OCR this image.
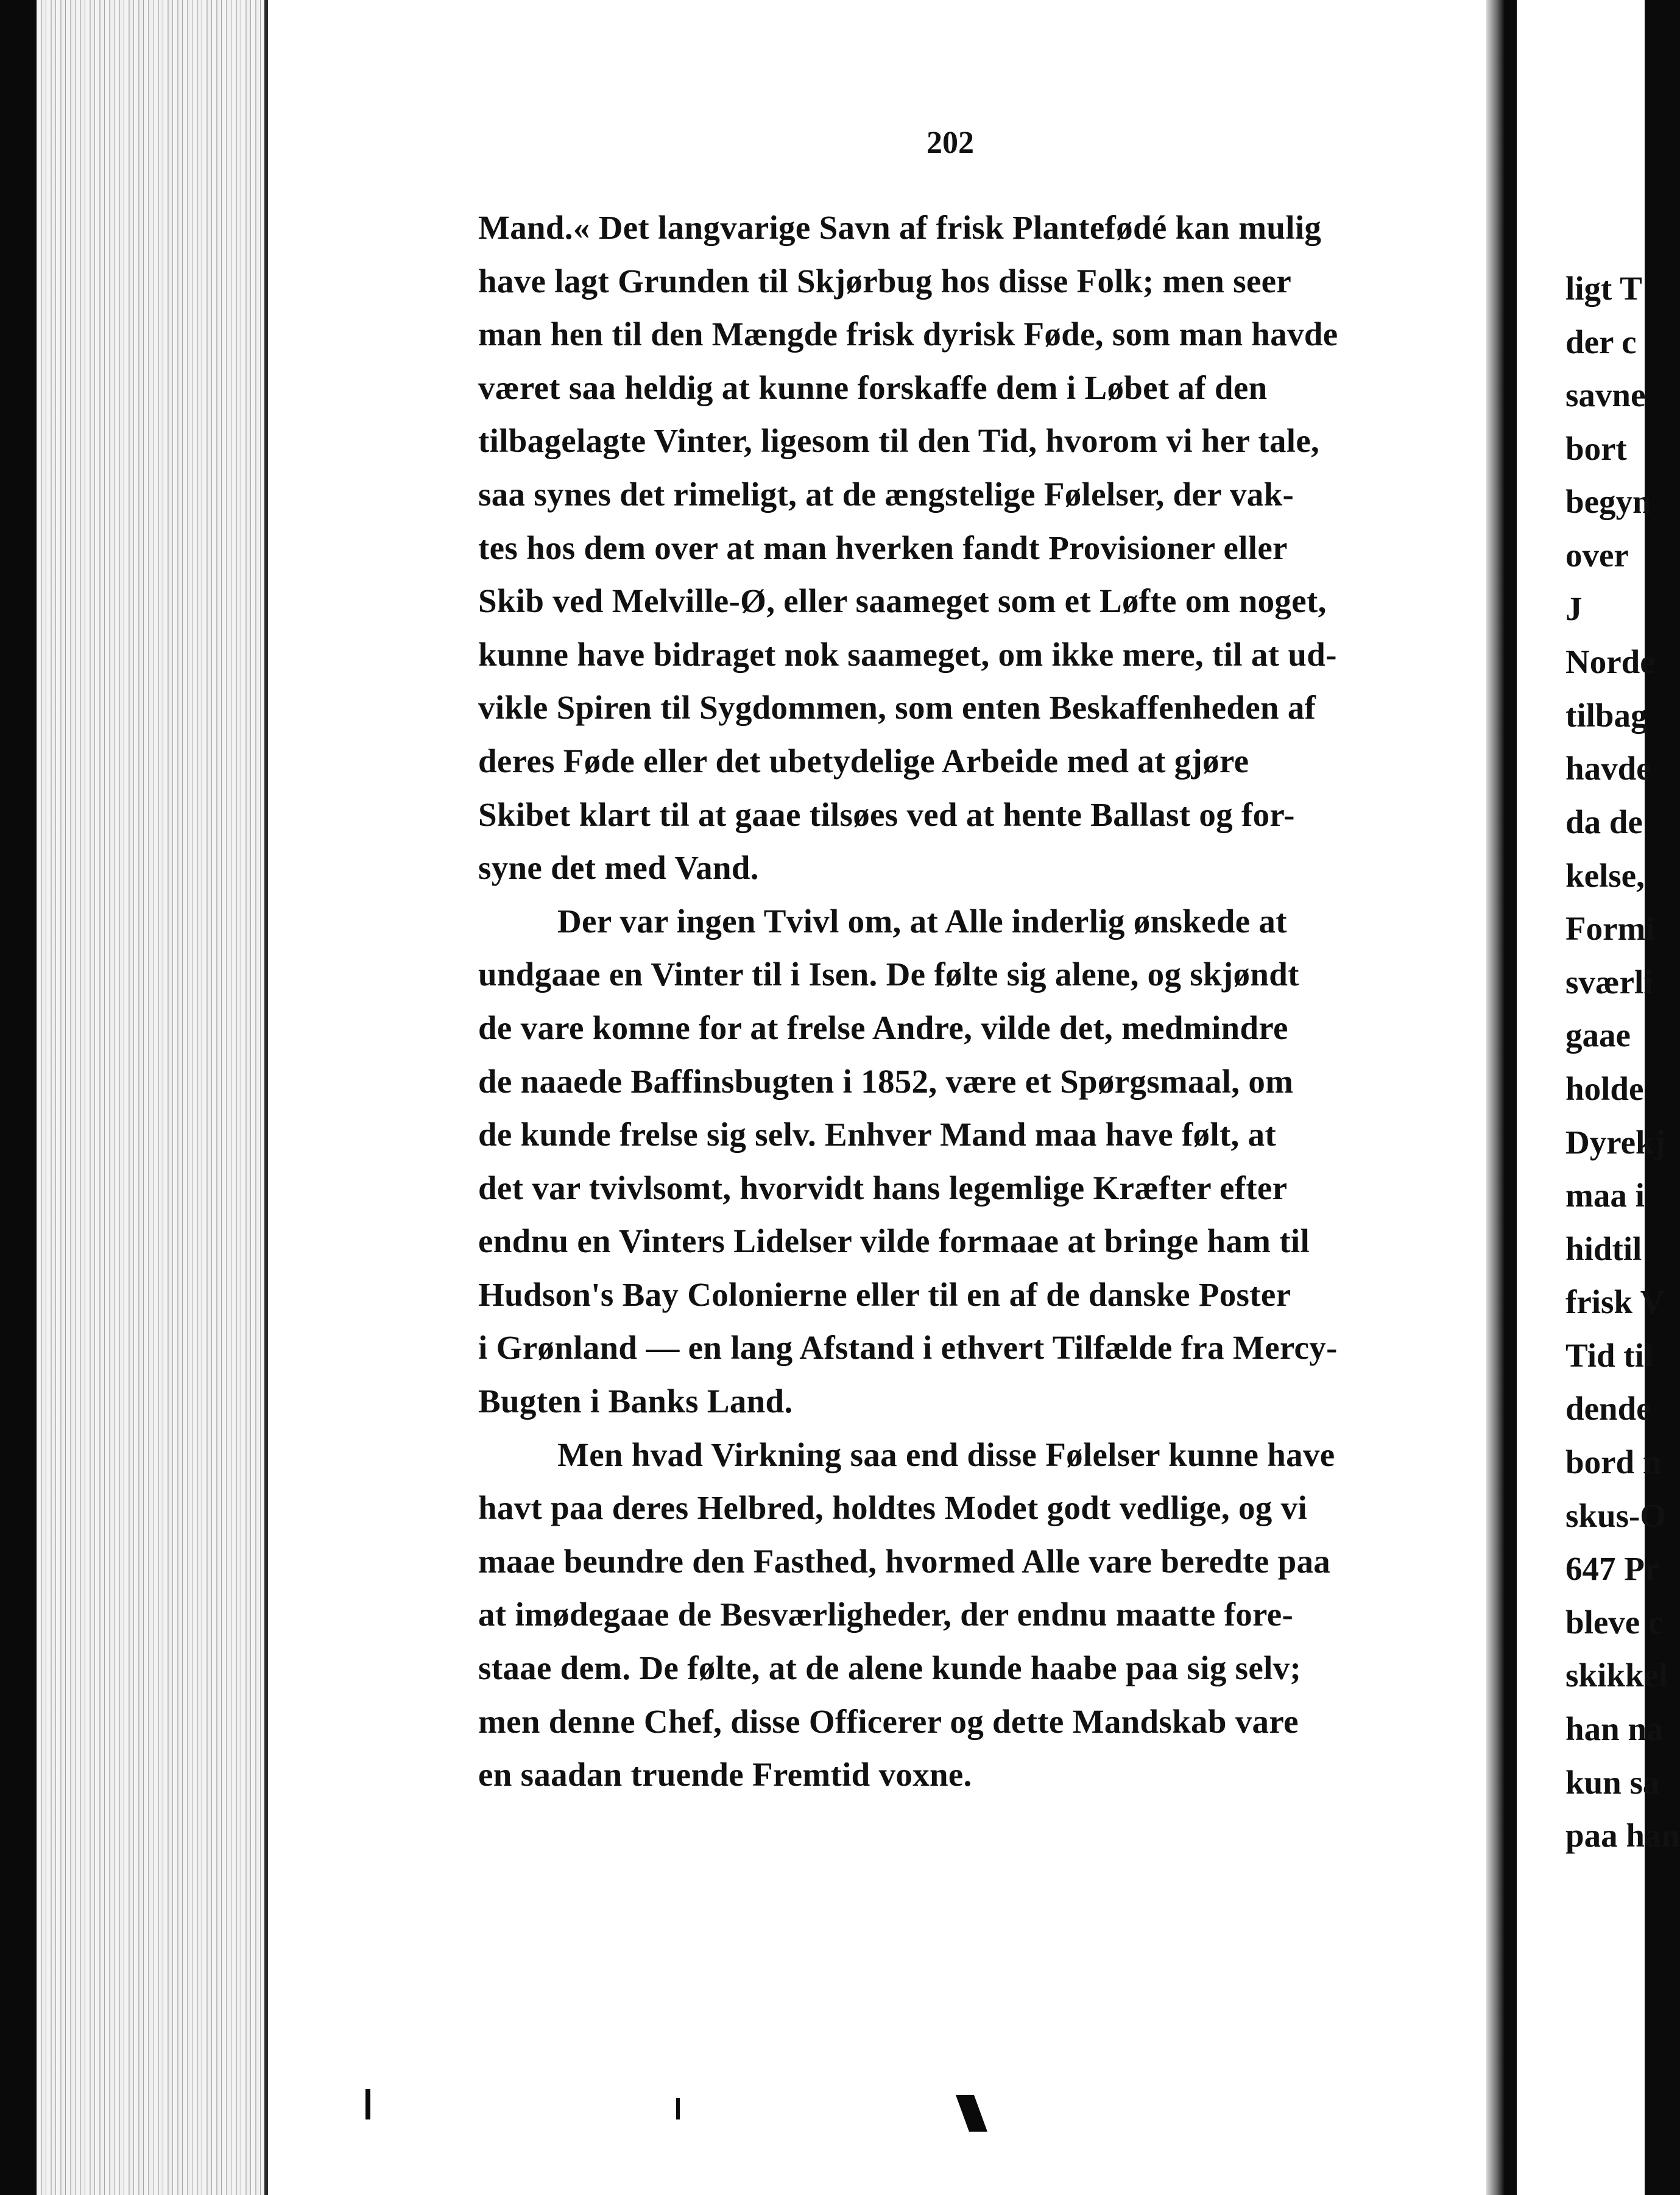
202
Mand.« Det langvarige Savn af frisk Plantefødé kan mulig
have lagt Grunden til Skjørbug hos disse Folk; men seer
man hen til den Mængde frisk dyrisk Føde, som man havde
været saa heldig at kunne forskaffe dem i Løbet af den
tilbagelagte Vinter, ligesom til den Tid, hvorom vi her tale,
saa synes det rimeligt, at de ængstelige Følelser, der vak-
tes hos dem over at man hverken fandt Provisioner eller
Skib ved Melville-Ø, eller saameget som et Løfte om noget,
kunne have bidraget nok saameget, om ikke mere, til at ud-
vikle Spiren til Sygdommen, som enten Beskaffenheden af
deres Føde eller det ubetydelige Arbeide med at gjøre
Skibet klart til at gaae tilsøes ved at hente Ballast og for-
syne det med Vand.
Der var ingen Tvivl om, at Alle inderlig ønskede at
undgaae en Vinter til i Isen. De følte sig alene, og skjøndt
de vare komne for at frelse Andre, vilde det, medmindre
de naaede Baffinsbugten i 1852, være et Spørgsmaal, om
de kunde frelse sig selv. Enhver Mand maa have følt, at
det var tvivlsomt, hvorvidt hans legemlige Kræfter efter
endnu en Vinters Lidelser vilde formaae at bringe ham til
Hudson's Bay Colonierne eller til en af de danske Poster
i Grønland — en lang Afstand i ethvert Tilfælde fra Mercy-
Bugten i Banks Land.
Men hvad Virkning saa end disse Følelser kunne have
havt paa deres Helbred, holdtes Modet godt vedlige, og vi
maae beundre den Fasthed, hvormed Alle vare beredte paa
at imødegaae de Besværligheder, der endnu maatte fore-
staae dem. De følte, at de alene kunde haabe paa sig selv;
men denne Chef, disse Officerer og dette Mandskab vare
en saadan truende Fremtid voxne.
ligt T
der c
savne
bort
begyn
over
J
Norde
tilbag
havde
da de
kelse,
Formi
sværli
gaae
holde
Dyrekj
maa i
hidtil
frisk V
Tid til
dende
bord n
skus-O
647 Pr
bleve c
skikkel
han na
kun sa
paa han
